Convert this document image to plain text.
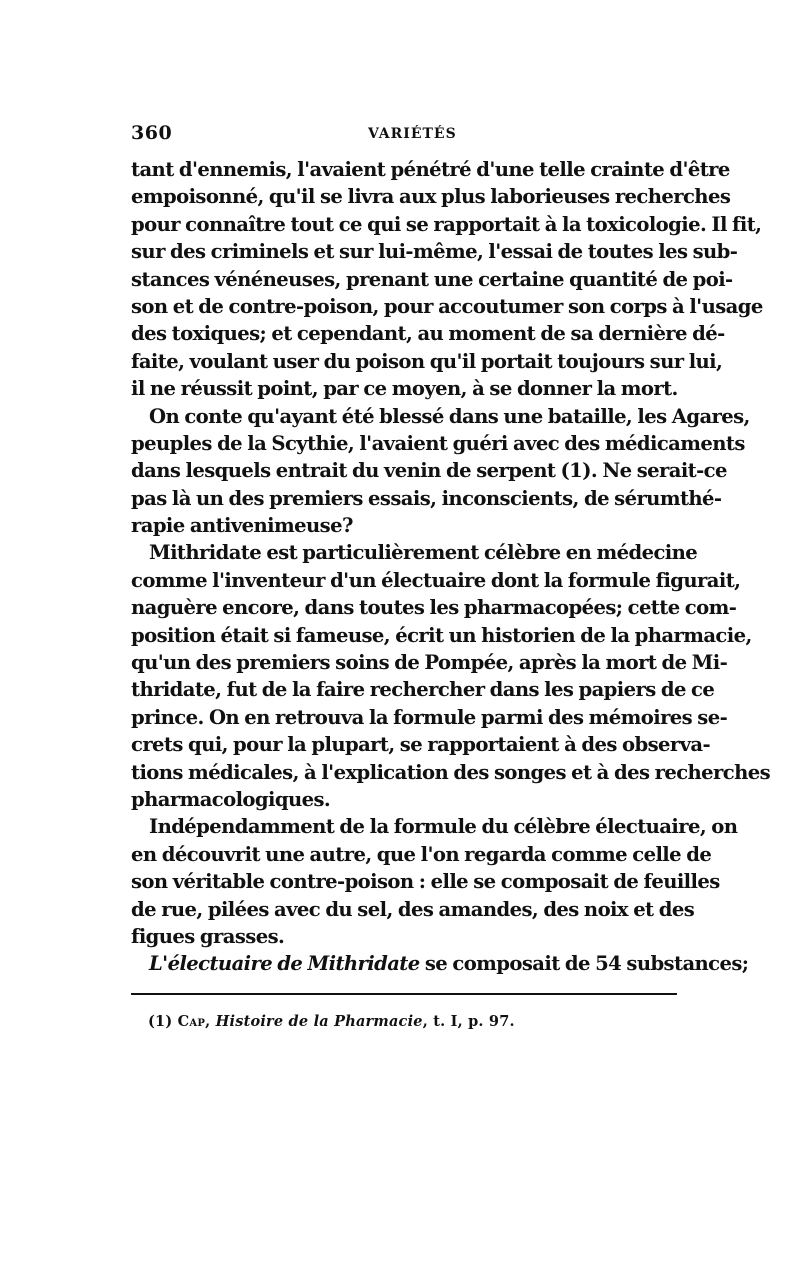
360	VARIÉTÉS
tant d'ennemis, l'avaient pénétré d'une telle crainte d'être
empoisonné, qu'il se livra aux plus laborieuses recherches
pour connaître tout ce qui se rapportait à la toxicologie. Il fit,
sur des criminels et sur lui-même, l'essai de toutes les sub-
stances vénéneuses, prenant une certaine quantité de poi-
son et de contre-poison, pour accoutumer son corps à l'usage
des toxiques; et cependant, au moment de sa dernière dé-
faite, voulant user du poison qu'il portait toujours sur lui,
il ne réussit point, par ce moyen, à se donner la mort.
On conte qu'ayant été blessé dans une bataille, les Agares,
peuples de la Scythie, l'avaient guéri avec des médicaments
dans lesquels entrait du venin de serpent (1). Ne serait-ce
pas là un des premiers essais, inconscients, de sérumthé-
rapie antivenimeuse?
Mithridate est particulièrement célèbre en médecine
comme l'inventeur d'un électuaire dont la formule figurait,
naguère encore, dans toutes les pharmacopées; cette com-
position était si fameuse, écrit un historien de la pharmacie,
qu'un des premiers soins de Pompée, après la mort de Mi-
thridate, fut de la faire rechercher dans les papiers de ce
prince. On en retrouva la formule parmi des mémoires se-
crets qui, pour la plupart, se rapportaient à des observa-
tions médicales, à l'explication des songes et à des recherches
pharmacologiques.
Indépendamment de la formule du célèbre électuaire, on
en découvrit une autre, que l'on regarda comme celle de
son véritable contre-poison : elle se composait de feuilles
de rue, pilées avec du sel, des amandes, des noix et des
figues grasses.
L'électuaire de Mithridate se composait de 54 substances;
(1) Cap, Histoire de la Pharmacie, t. I, p. 97.
